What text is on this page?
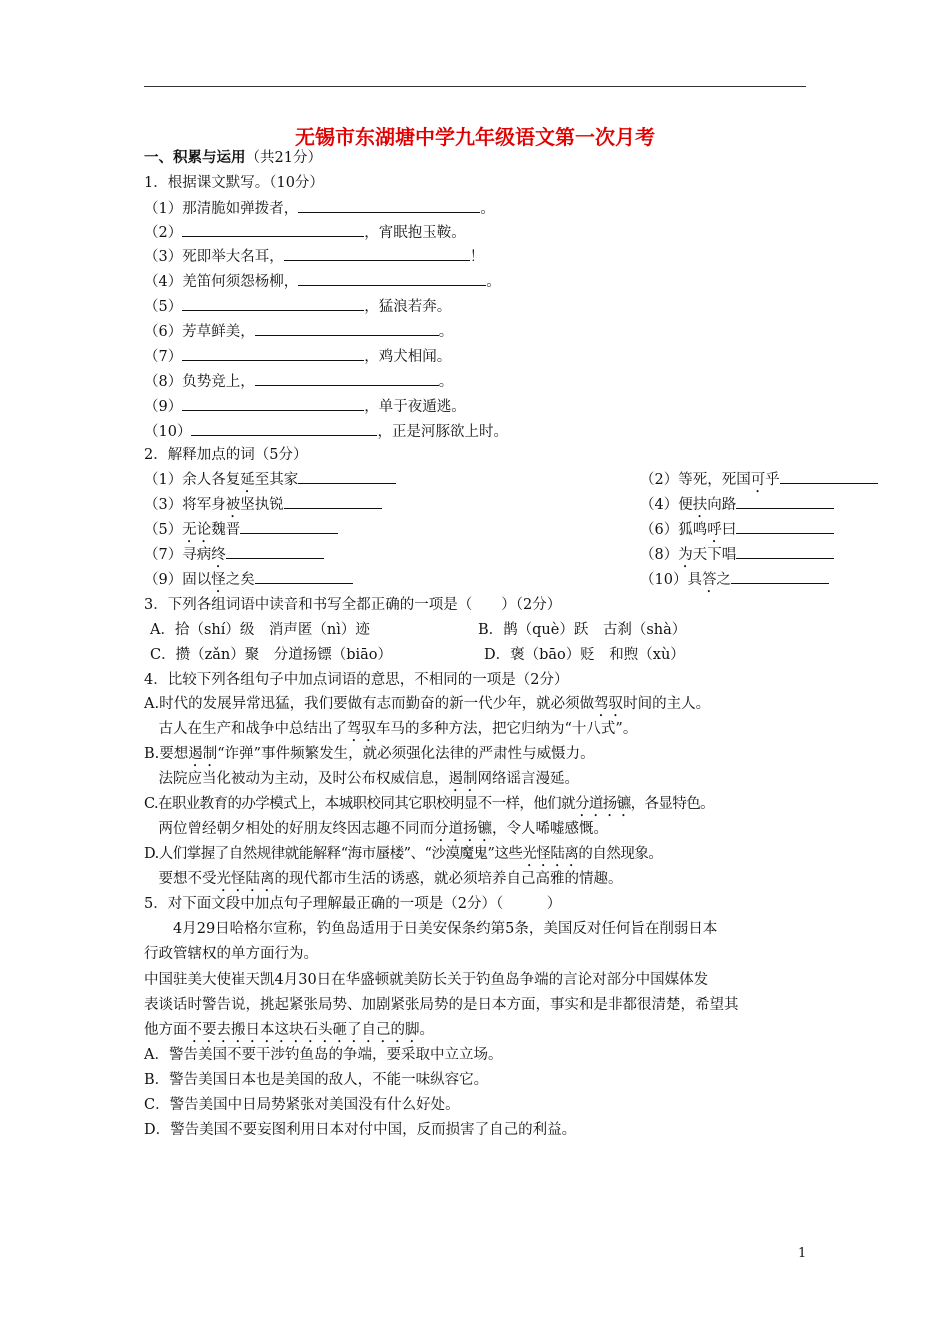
无锡市东湖塘中学九年级语文第一次月考
一、积累与运用（共21分）
1．根据课文默写。（10分）
（1）那清脆如弹拨者，	。
（2）	，宵眠抱玉鞍。
（3）死即举大名耳，	！
（4）羌笛何须怨杨柳，	。
（5）	，猛浪若奔。
（6）芳草鲜美，	。
（7）	，鸡犬相闻。
（8）负势竞上，	。
（9）	，单于夜遁逃。
（10）	，正是河豚欲上时。
2．解释加点的词（5分）
（1）余人各复延至其家	（2）等死，死国可乎
（3）将军身被坚执锐	（4）便扶向路
（5）无论魏晋	（6）狐鸣呼曰
（7）寻病终	（8）为天下唱
（9）固以怪之矣	（10）具答之
3．下列各组词语中读音和书写全都正确的一项是（　　）（2分）
A．拾（shí）级　消声匿（nì）迹	B．鹊（què）跃　古刹（shà）
C．攒（zǎn）聚　分道扬镖（biāo）	D．褒（bāo）贬　和煦（xù）
4．比较下列各组句子中加点词语的意思，不相同的一项是（2分）
A.时代的发展异常迅猛，我们要做有志而勤奋的新一代少年，就必须做驾驭时间的主人。
　古人在生产和战争中总结出了驾驭车马的多种方法，把它归纳为“十八式”。
B.要想遏制“诈弹”事件频繁发生，就必须强化法律的严肃性与威慑力。
　法院应当化被动为主动，及时公布权威信息，遏制网络谣言漫延。
C.在职业教育的办学模式上，本城职校同其它职校明显不一样，他们就分道扬镳，各显特色。
　两位曾经朝夕相处的好朋友终因志趣不同而分道扬镳，令人唏嘘感慨。
D.人们掌握了自然规律就能解释“海市蜃楼”、“沙漠魔鬼”这些光怪陆离的自然现象。
　要想不受光怪陆离的现代都市生活的诱惑，就必须培养自己高雅的情趣。
5．对下面文段中加点句子理解最正确的一项是（2分）（　　　）
　　4月29日哈格尔宣称，钓鱼岛适用于日美安保条约第5条，美国反对任何旨在削弱日本
行政管辖权的单方面行为。
中国驻美大使崔天凯4月30日在华盛顿就美防长关于钓鱼岛争端的言论对部分中国媒体发
表谈话时警告说，挑起紧张局势、加剧紧张局势的是日本方面，事实和是非都很清楚，希望其
他方面不要去搬日本这块石头砸了自己的脚。
A．警告美国不要干涉钓鱼岛的争端，要采取中立立场。
B．警告美国日本也是美国的敌人，不能一味纵容它。
C．警告美国中日局势紧张对美国没有什么好处。
D．警告美国不要妄图利用日本对付中国，反而损害了自己的利益。
1
